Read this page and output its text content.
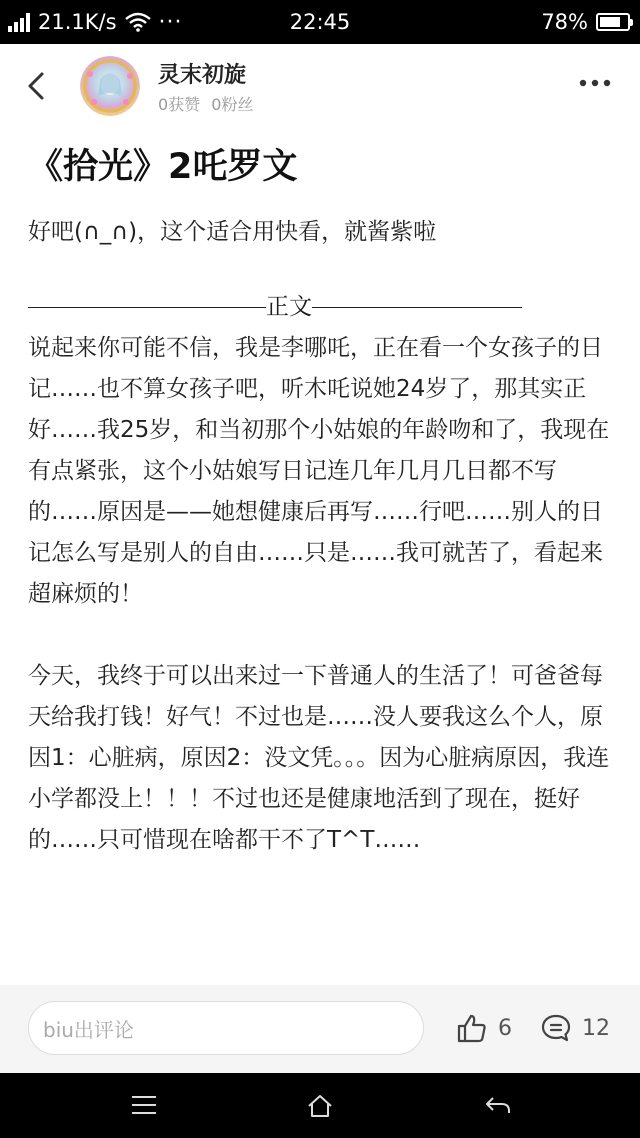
21.1K/s ···	22:45	78%
灵末初旋
0获赞 0粉丝
《拾光》2吒罗文

好吧(∩_∩)，这个适合用快看，就酱紫啦

正文

说起来你可能不信，我是李哪吒，正在看一个女孩子的日记……也不算女孩子吧，听木吒说她24岁了，那其实正好……我25岁，和当初那个小姑娘的年龄吻和了，我现在有点紧张，这个小姑娘写日记连几年几月几日都不写的……原因是——她想健康后再写……行吧……别人的日记怎么写是别人的自由……只是……我可就苦了，看起来超麻烦的！

今天，我终于可以出来过一下普通人的生活了！可爸爸每天给我打钱！好气！不过也是……没人要我这么个人，原因1：心脏病，原因2：没文凭。。。因为心脏病原因，我连小学都没上！！！不过也还是健康地活到了现在，挺好的……只可惜现在啥都干不了T^T……

biu出评论	6	12
